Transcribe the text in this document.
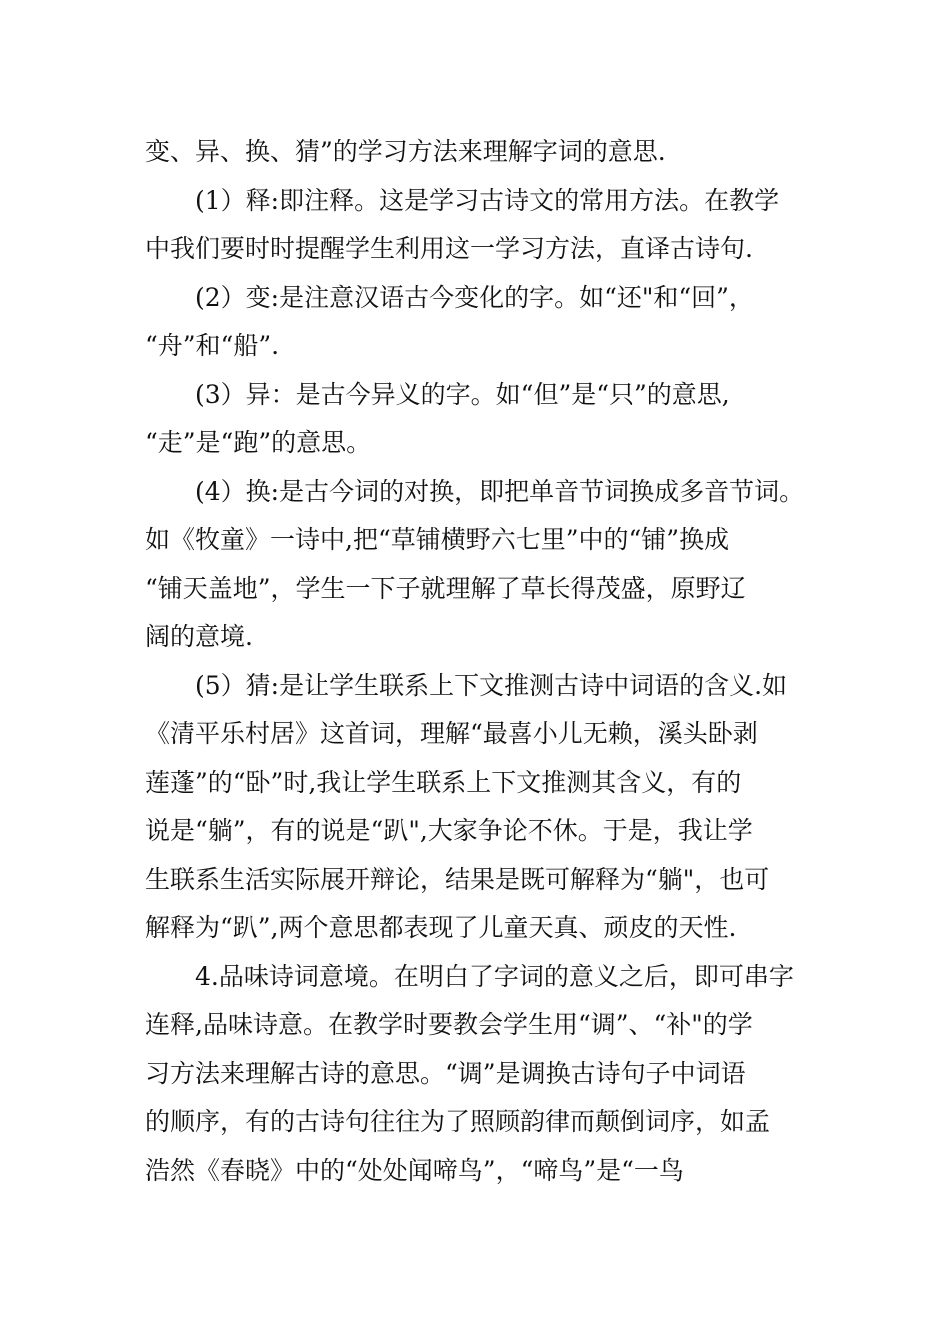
变、异、换、猜”的学习方法来理解字词的意思.
(1）释:即注释。这是学习古诗文的常用方法。在教学
中我们要时时提醒学生利用这一学习方法，直译古诗句.
(2）变:是注意汉语古今变化的字。如“还"和“回”，
“舟”和“船”.
(3）异：是古今异义的字。如“但”是“只”的意思,
“走”是“跑”的意思。
(4）换:是古今词的对换，即把单音节词换成多音节词。
如《牧童》一诗中,把“草铺横野六七里”中的“铺”换成
“铺天盖地”，学生一下子就理解了草长得茂盛，原野辽
阔的意境.
(5）猜:是让学生联系上下文推测古诗中词语的含义.如
《清平乐村居》这首词，理解“最喜小儿无赖，溪头卧剥
莲蓬”的“卧”时,我让学生联系上下文推测其含义，有的
说是“躺”，有的说是“趴",大家争论不休。于是，我让学
生联系生活实际展开辩论，结果是既可解释为“躺"，也可
解释为“趴”,两个意思都表现了儿童天真、顽皮的天性.
4.品味诗词意境。在明白了字词的意义之后，即可串字
连释,品味诗意。在教学时要教会学生用“调”、“补"的学
习方法来理解古诗的意思。“调”是调换古诗句子中词语
的顺序，有的古诗句往往为了照顾韵律而颠倒词序，如孟
浩然《春晓》中的“处处闻啼鸟”，“啼鸟”是“一鸟
